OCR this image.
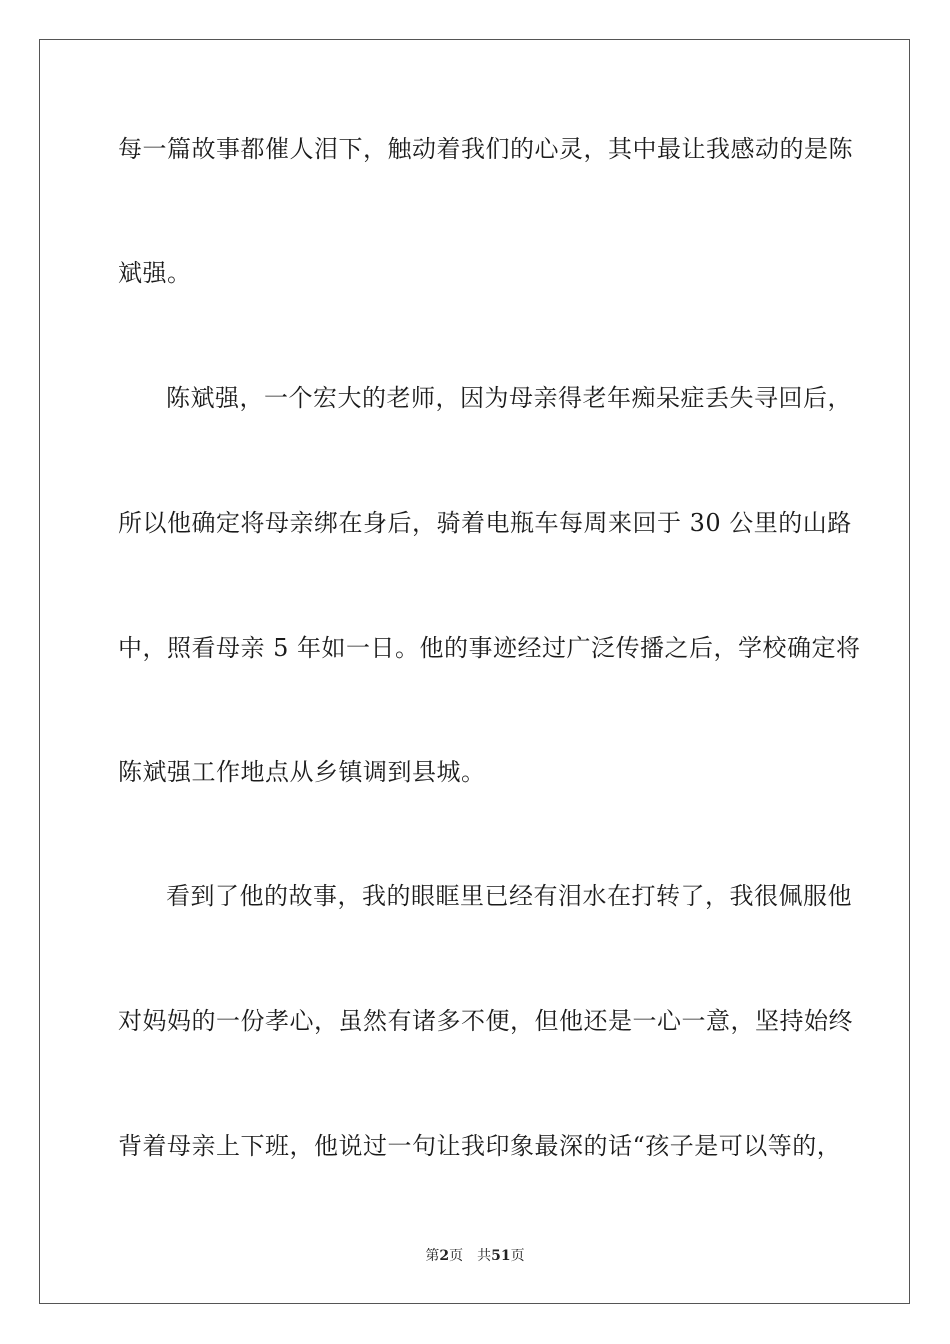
每一篇故事都催人泪下，触动着我们的心灵，其中最让我感动的是陈
斌强。
陈斌强，一个宏大的老师，因为母亲得老年痴呆症丢失寻回后，
所以他确定将母亲绑在身后，骑着电瓶车每周来回于 30 公里的山路
中，照看母亲 5 年如一日。他的事迹经过广泛传播之后，学校确定将
陈斌强工作地点从乡镇调到县城。
看到了他的故事，我的眼眶里已经有泪水在打转了，我很佩服他
对妈妈的一份孝心，虽然有诸多不便，但他还是一心一意，坚持始终
背着母亲上下班，他说过一句让我印象最深的话“孩子是可以等的，
第2页 共51页
